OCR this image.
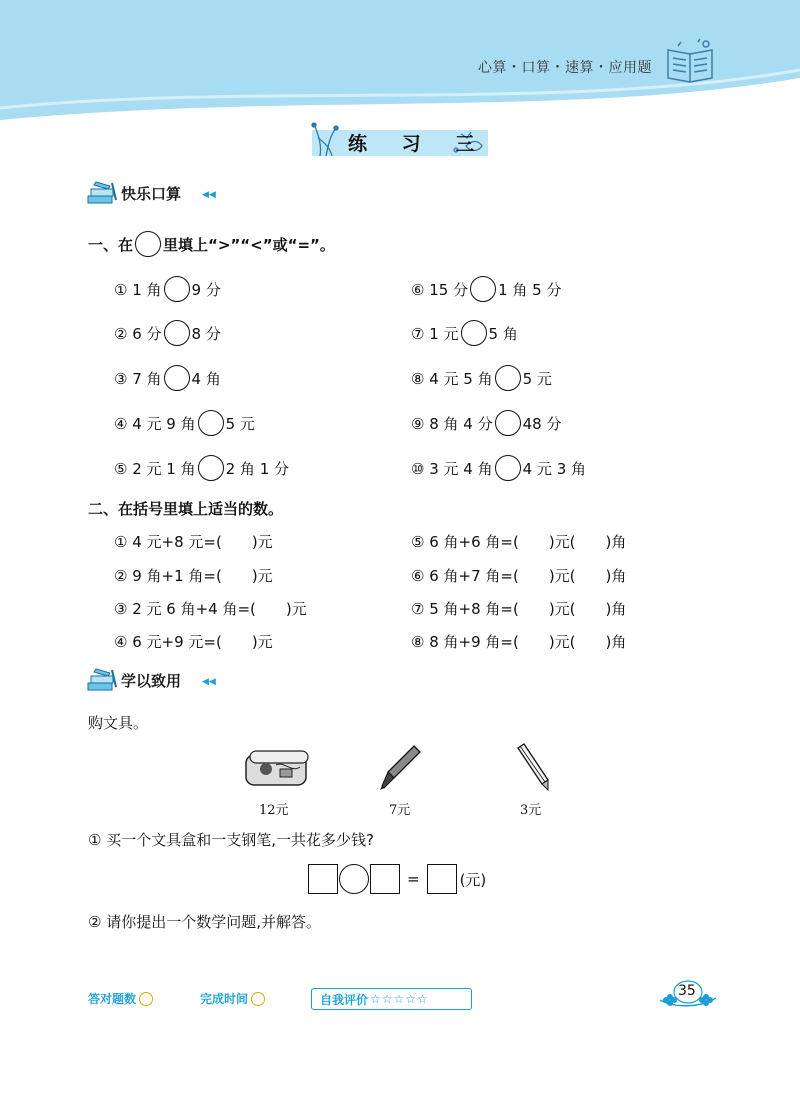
心算・口算・速算・应用题
练 习 三
快乐口算 ◀◀
一、在 里填上“>”“<”或“=”。
① 1 角 9 分
② 6 分 8 分
③ 7 角 4 角
④ 4 元 9 角 5 元
⑤ 2 元 1 角 2 角 1 分
⑥ 15 分 1 角 5 分
⑦ 1 元 5 角
⑧ 4 元 5 角 5 元
⑨ 8 角 4 分 48 分
⑩ 3 元 4 角 4 元 3 角
二、在括号里填上适当的数。
① 4 元+8 元=(　　)元
② 9 角+1 角=(　　)元
③ 2 元 6 角+4 角=(　　)元
④ 6 元+9 元=(　　)元
⑤ 6 角+6 角=(　　)元(　　)角
⑥ 6 角+7 角=(　　)元(　　)角
⑦ 5 角+8 角=(　　)元(　　)角
⑧ 8 角+9 角=(　　)元(　　)角
学以致用 ◀◀
购文具。
12元	7元	3元
① 买一个文具盒和一支钢笔,一共花多少钱?
=	(元)
② 请你提出一个数学问题,并解答。
答对题数	完成时间	自我评价 ☆☆☆☆☆	35
